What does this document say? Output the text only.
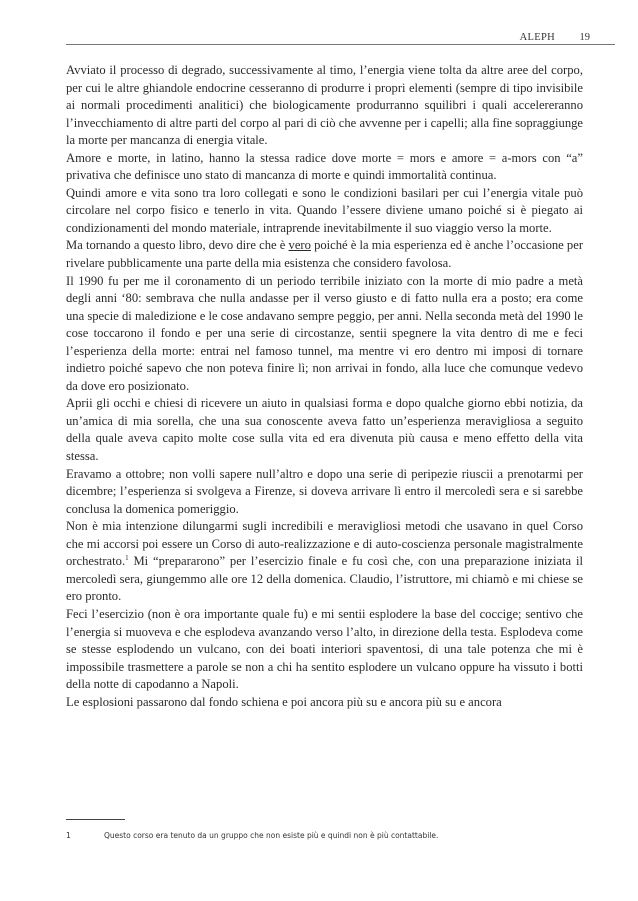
ALEPH 19

Avviato il processo di degrado, successivamente al timo, l’energia viene tolta da altre aree del corpo, per cui le altre ghiandole endocrine cesseranno di produrre i propri elementi (sempre di tipo invisibile ai normali procedimenti analitici) che biologicamente produrranno squilibri i quali accelereranno l’invecchiamento di altre parti del corpo al pari di ciò che avvenne per i capelli; alla fine sopraggiunge la morte per mancanza di energia vitale.

Amore e morte, in latino, hanno la stessa radice dove morte = mors e amore = a-mors con “a” privativa che definisce uno stato di mancanza di morte e quindi immortalità continua.

Quindi amore e vita sono tra loro collegati e sono le condizioni basilari per cui l’energia vitale può circolare nel corpo fisico e tenerlo in vita. Quando l’essere diviene umano poiché si è piegato ai condizionamenti del mondo materiale, intraprende inevitabilmente il suo viaggio verso la morte.

Ma tornando a questo libro, devo dire che è vero poiché è la mia esperienza ed è anche l’occasione per rivelare pubblicamente una parte della mia esistenza che considero favolosa.

Il 1990 fu per me il coronamento di un periodo terribile iniziato con la morte di mio padre a metà degli anni ‘80: sembrava che nulla andasse per il verso giusto e di fatto nulla era a posto; era come una specie di maledizione e le cose andavano sempre peggio, per anni. Nella seconda metà del 1990 le cose toccarono il fondo e per una serie di circostanze, sentii spegnere la vita dentro di me e feci l’esperienza della morte: entrai nel famoso tunnel, ma mentre vi ero dentro mi imposi di tornare indietro poiché sapevo che non poteva finire lì; non arrivai in fondo, alla luce che comunque vedevo da dove ero posizionato.

Aprii gli occhi e chiesi di ricevere un aiuto in qualsiasi forma e dopo qualche giorno ebbi notizia, da un’amica di mia sorella, che una sua conoscente aveva fatto un’esperienza meravigliosa a seguito della quale aveva capito molte cose sulla vita ed era divenuta più causa e meno effetto della vita stessa.

Eravamo a ottobre; non volli sapere null’altro e dopo una serie di peripezie riuscii a prenotarmi per dicembre; l’esperienza si svolgeva a Firenze, si doveva arrivare lì entro il mercoledì sera e si sarebbe conclusa la domenica pomeriggio.

Non è mia intenzione dilungarmi sugli incredibili e meravigliosi metodi che usavano in quel Corso che mi accorsi poi essere un Corso di auto-realizzazione e di auto-coscienza personale magistralmente orchestrato.$^1$ Mi “prepararono” per l’esercizio finale e fu così che, con una preparazione iniziata il mercoledì sera, giungemmo alle ore 12 della domenica. Claudio, l’istruttore, mi chiamò e mi chiese se ero pronto.

Feci l’esercizio (non è ora importante quale fu) e mi sentii esplodere la base del coccige; sentivo che l’energia si muoveva e che esplodeva avanzando verso l’alto, in direzione della testa. Esplodeva come se stesse esplodendo un vulcano, con dei boati interiori spaventosi, di una tale potenza che mi è impossibile trasmettere a parole se non a chi ha sentito esplodere un vulcano oppure ha vissuto i botti della notte di capodanno a Napoli.

Le esplosioni passarono dal fondo schiena e poi ancora più su e ancora più su e ancora

1	Questo corso era tenuto da un gruppo che non esiste più e quindi non è più contattabile.
